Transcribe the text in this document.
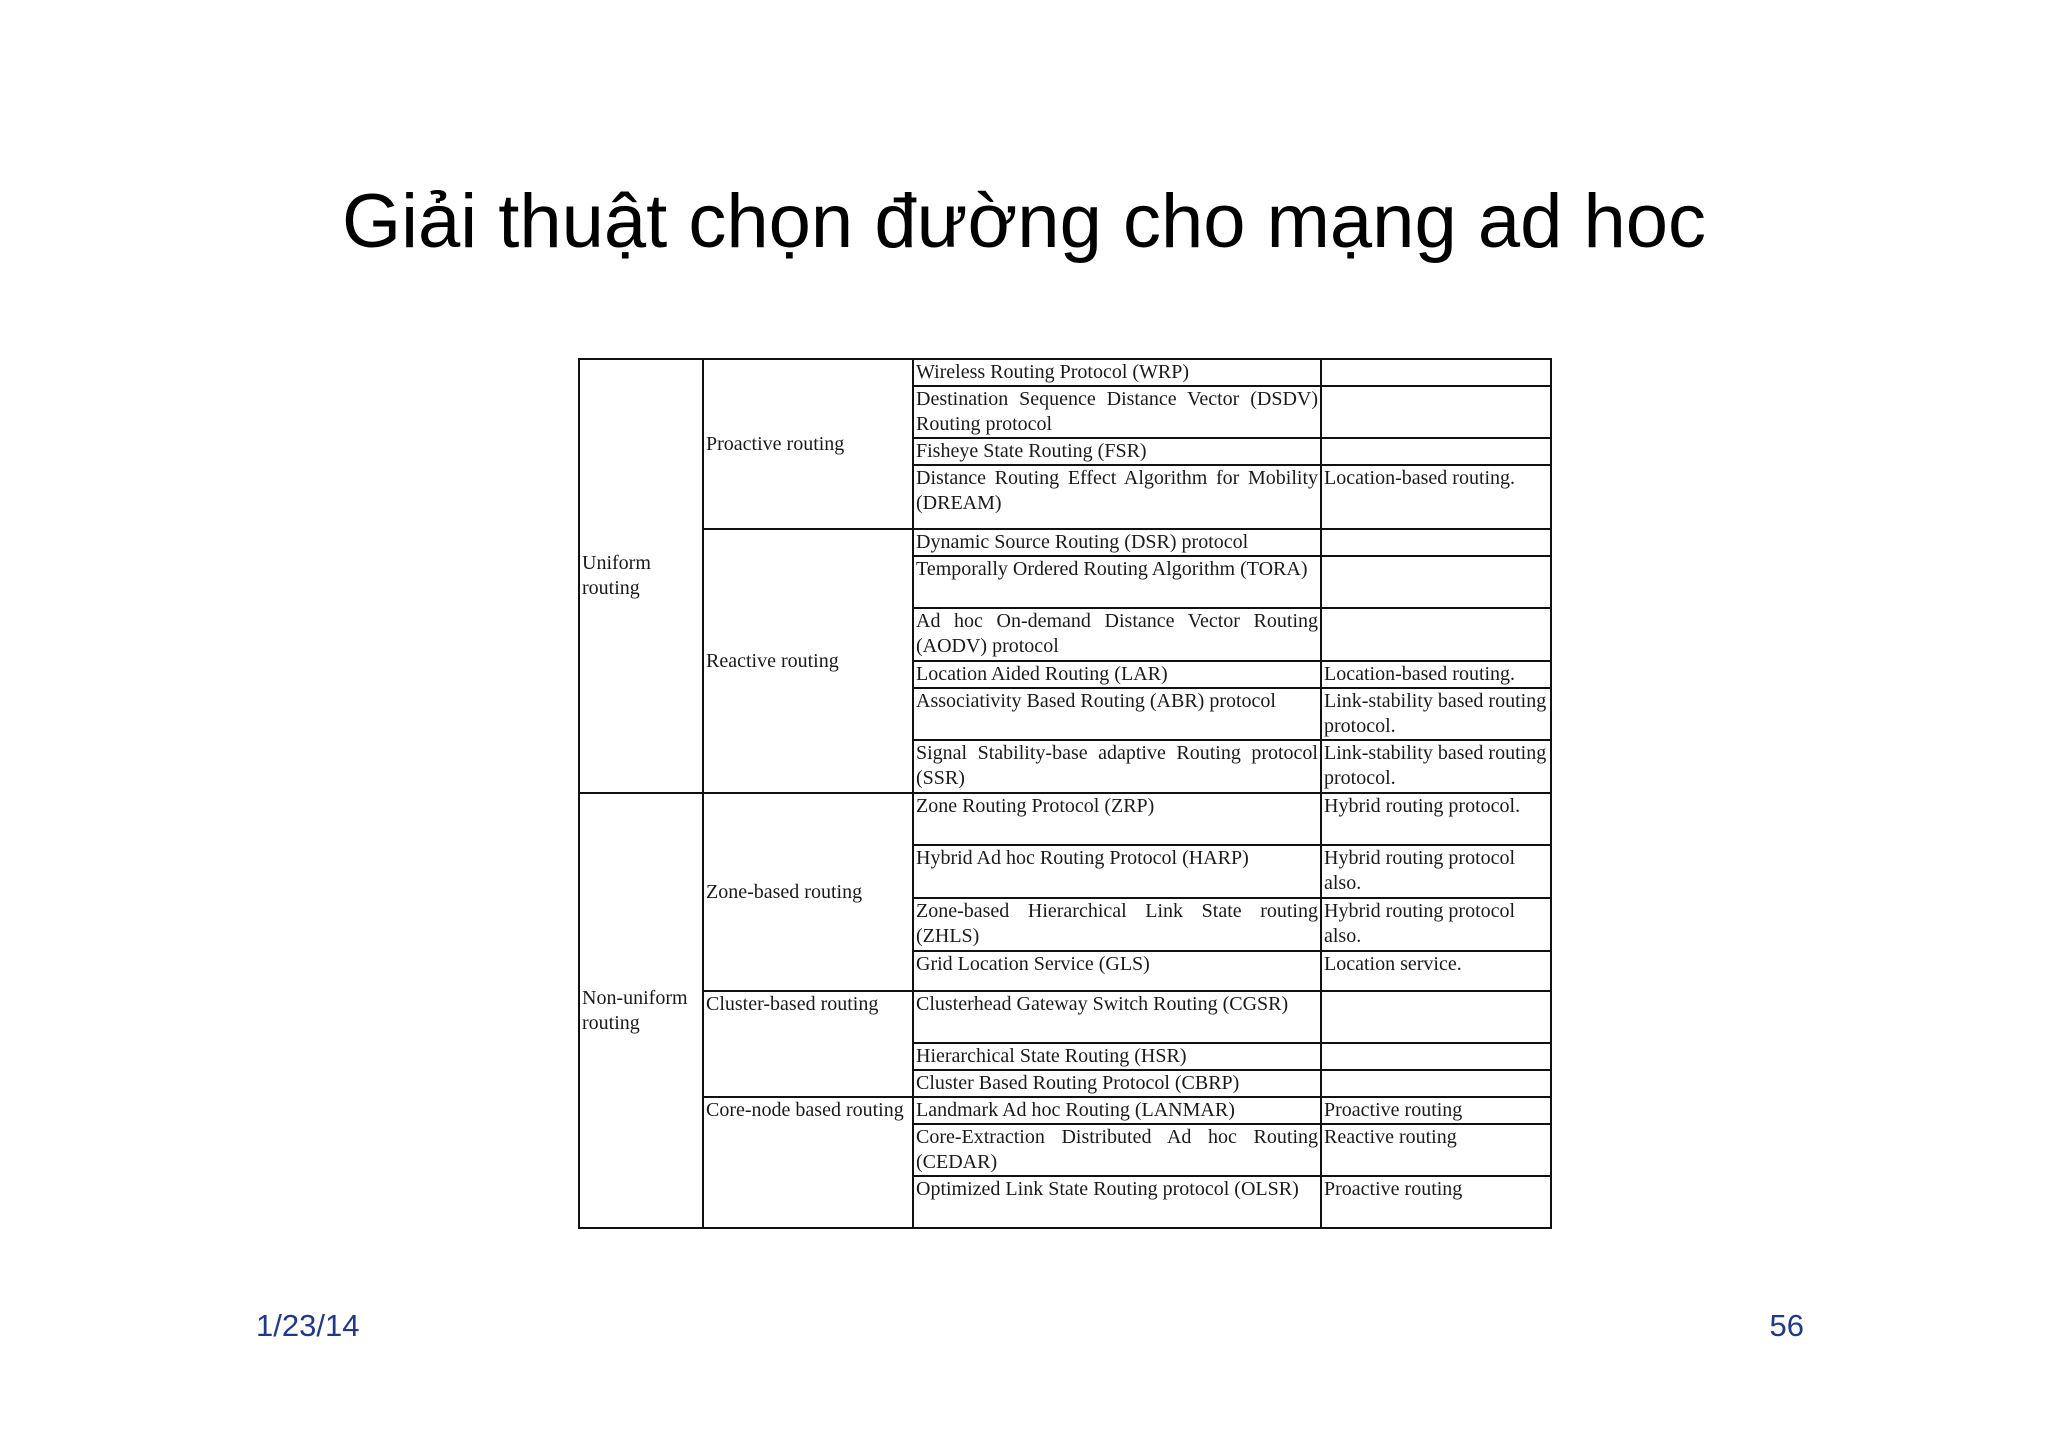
Giải thuật chọn đường cho mạng ad hoc
Uniform routing	Proactive routing	Wireless Routing Protocol (WRP)	
		Destination Sequence Distance Vector (DSDV) Routing protocol	
		Fisheye State Routing (FSR)	
		Distance Routing Effect Algorithm for Mobility (DREAM)	Location-based routing.
	Reactive routing	Dynamic Source Routing (DSR) protocol	
		Temporally Ordered Routing Algorithm (TORA)	
		Ad hoc On-demand Distance Vector Routing (AODV) protocol	
		Location Aided Routing (LAR)	Location-based routing.
		Associativity Based Routing (ABR) protocol	Link-stability based routing protocol.
		Signal Stability-base adaptive Routing protocol (SSR)	Link-stability based routing protocol.
Non-uniform routing	Zone-based routing	Zone Routing Protocol (ZRP)	Hybrid routing protocol.
		Hybrid Ad hoc Routing Protocol (HARP)	Hybrid routing protocol also.
		Zone-based Hierarchical Link State routing (ZHLS)	Hybrid routing protocol also.
		Grid Location Service (GLS)	Location service.
	Cluster-based routing	Clusterhead Gateway Switch Routing (CGSR)	
		Hierarchical State Routing (HSR)	
		Cluster Based Routing Protocol (CBRP)	
	Core-node based routing	Landmark Ad hoc Routing (LANMAR)	Proactive routing
		Core-Extraction Distributed Ad hoc Routing (CEDAR)	Reactive routing
		Optimized Link State Routing protocol (OLSR)	Proactive routing
1/23/14	56
